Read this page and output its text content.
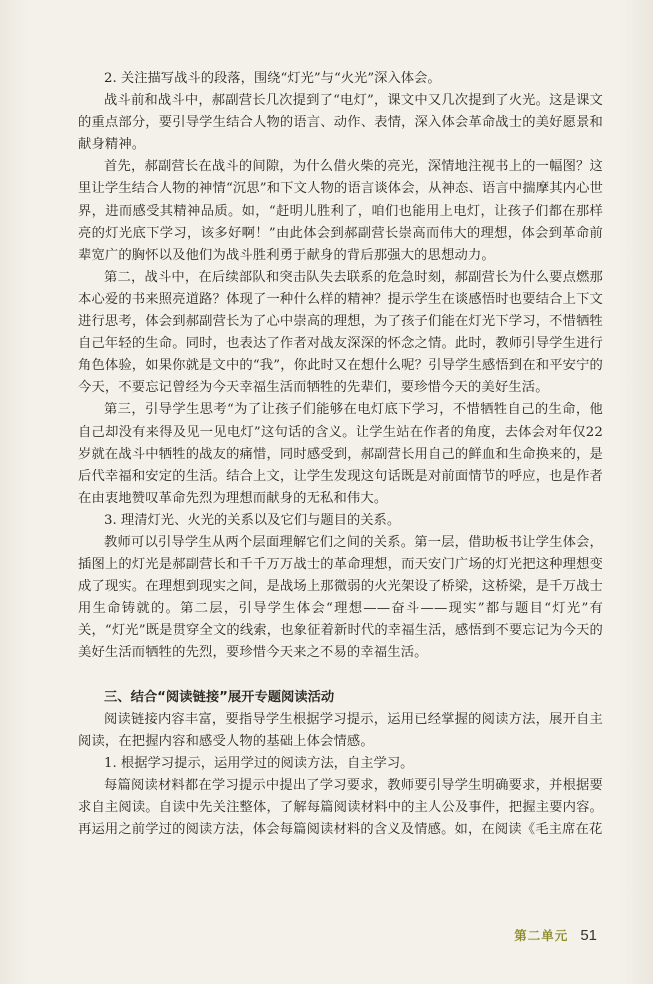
2. 关注描写战斗的段落，围绕“灯光”与“火光”深入体会。

战斗前和战斗中，郝副营长几次提到了“电灯”，课文中又几次提到了火光。这是课文的重点部分，要引导学生结合人物的语言、动作、表情，深入体会革命战士的美好愿景和献身精神。

首先，郝副营长在战斗的间隙，为什么借火柴的亮光，深情地注视书上的一幅图？这里让学生结合人物的神情“沉思”和下文人物的语言谈体会，从神态、语言中揣摩其内心世界，进而感受其精神品质。如，“赶明儿胜利了，咱们也能用上电灯，让孩子们都在那样亮的灯光底下学习，该多好啊！”由此体会到郝副营长崇高而伟大的理想，体会到革命前辈宽广的胸怀以及他们为战斗胜利勇于献身的背后那强大的思想动力。

第二，战斗中，在后续部队和突击队失去联系的危急时刻，郝副营长为什么要点燃那本心爱的书来照亮道路？体现了一种什么样的精神？提示学生在谈感悟时也要结合上下文进行思考，体会到郝副营长为了心中崇高的理想，为了孩子们能在灯光下学习，不惜牺牲自己年轻的生命。同时，也表达了作者对战友深深的怀念之情。此时，教师引导学生进行角色体验，如果你就是文中的“我”，你此时又在想什么呢？引导学生感悟到在和平安宁的今天，不要忘记曾经为今天幸福生活而牺牲的先辈们，要珍惜今天的美好生活。

第三，引导学生思考“为了让孩子们能够在电灯底下学习，不惜牺牲自己的生命，他自己却没有来得及见一见电灯”这句话的含义。让学生站在作者的角度，去体会对年仅22岁就在战斗中牺牲的战友的痛惜，同时感受到，郝副营长用自己的鲜血和生命换来的，是后代幸福和安定的生活。结合上文，让学生发现这句话既是对前面情节的呼应，也是作者在由衷地赞叹革命先烈为理想而献身的无私和伟大。

3. 理清灯光、火光的关系以及它们与题目的关系。

教师可以引导学生从两个层面理解它们之间的关系。第一层，借助板书让学生体会，插图上的灯光是郝副营长和千千万万战士的革命理想，而天安门广场的灯光把这种理想变成了现实。在理想到现实之间，是战场上那微弱的火光架设了桥梁，这桥梁，是千万战士用生命铸就的。第二层，引导学生体会“理想——奋斗——现实”都与题目“灯光”有关，“灯光”既是贯穿全文的线索，也象征着新时代的幸福生活，感悟到不要忘记为今天的美好生活而牺牲的先烈，要珍惜今天来之不易的幸福生活。

三、结合“阅读链接”展开专题阅读活动

阅读链接内容丰富，要指导学生根据学习提示，运用已经掌握的阅读方法，展开自主阅读，在把握内容和感受人物的基础上体会情感。

1. 根据学习提示，运用学过的阅读方法，自主学习。

每篇阅读材料都在学习提示中提出了学习要求，教师要引导学生明确要求，并根据要求自主阅读。自读中先关注整体，了解每篇阅读材料中的主人公及事件，把握主要内容。再运用之前学过的阅读方法，体会每篇阅读材料的含义及情感。如，在阅读《毛主席在花

第二单元 51
